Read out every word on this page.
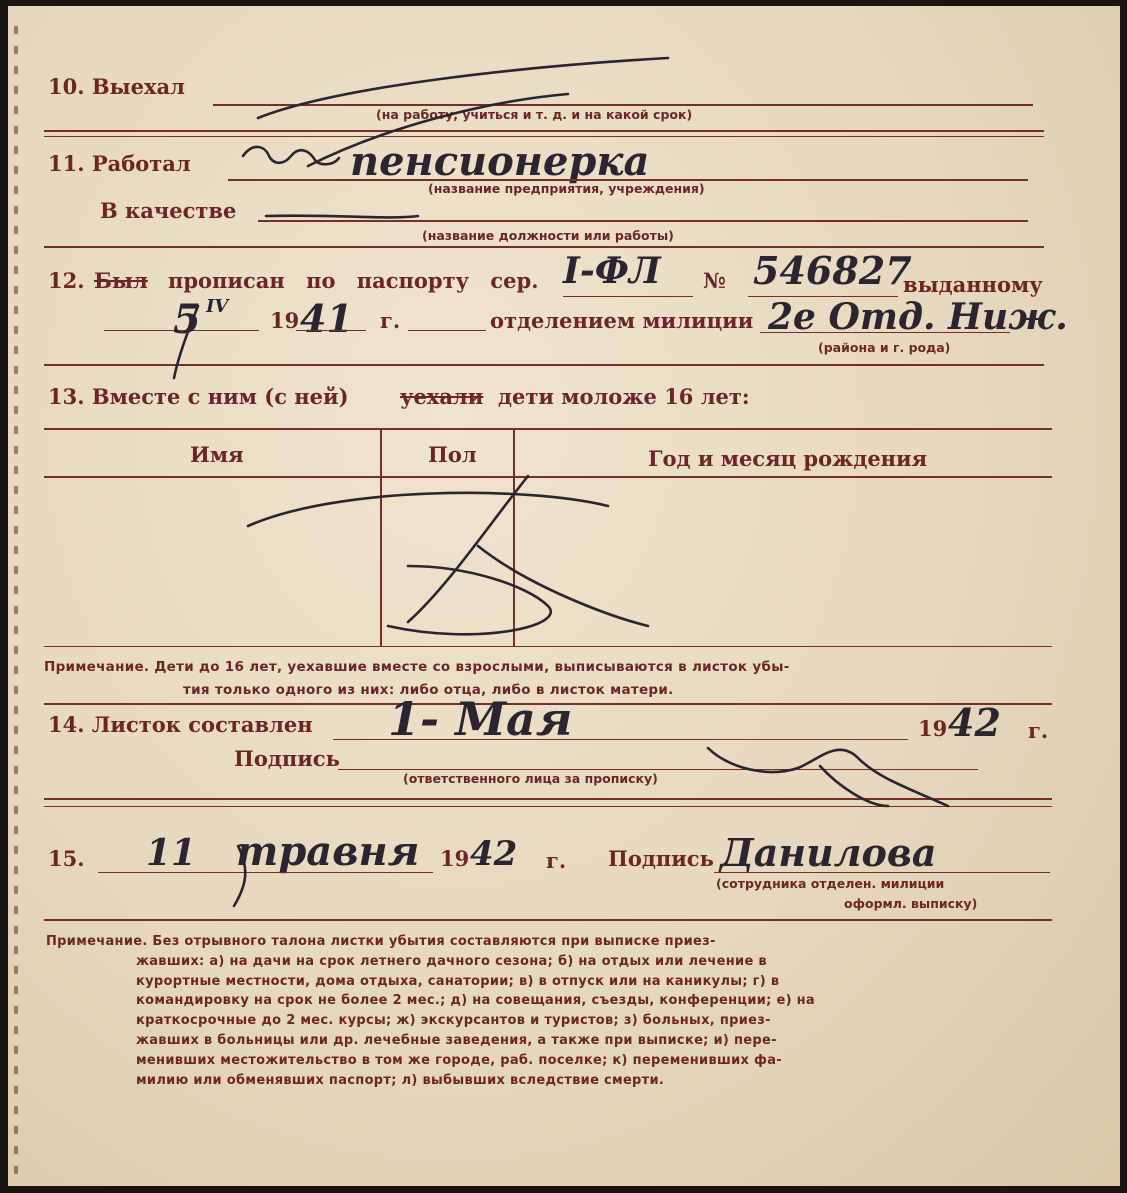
10. Выехал
(на работу, учиться и т. д. и на какой срок)
11. Работал	пенсионерка
(название предприятия, учреждения)
В качестве
(название должности или работы)
12. Был прописан по паспорту сер. I-ФЛ № 546827
выданному
5 IV
19 41 г.	отделением милиции 2е Отд. Ниж.
(района и г. рода)
13. Вместе с ним (с ней) уехали дети моложе 16 лет:
Имя	Пол	Год и месяц рождения
Примечание. Дети до 16 лет, уехавшие вместе со взрослыми, выписываются в листок убы-
тия только одного из них: либо отца, либо в листок матери.
14. Листок составлен 1- Мая	19 42 г.
Подпись
(ответственного лица за прописку)
15. 11 травня 19 42 г. Подпись Данилова
(сотрудника отделен. милиции
оформл. выписку)
Примечание. Без отрывного талона листки убытия составляются при выписке приез-
жавших: а) на дачи на срок летнего дачного сезона; б) на отдых или лечение в
курортные местности, дома отдыха, санатории; в) в отпуск или на каникулы; г) в
командировку на срок не более 2 мес.; д) на совещания, съезды, конференции; е) на
краткосрочные до 2 мес. курсы; ж) экскурсантов и туристов; з) больных, приез-
жавших в больницы или др. лечебные заведения, а также при выписке; и) пере-
менивших местожительство в том же городе, раб. поселке; к) переменивших фа-
милию или обменявших паспорт; л) выбывших вследствие смерти.
